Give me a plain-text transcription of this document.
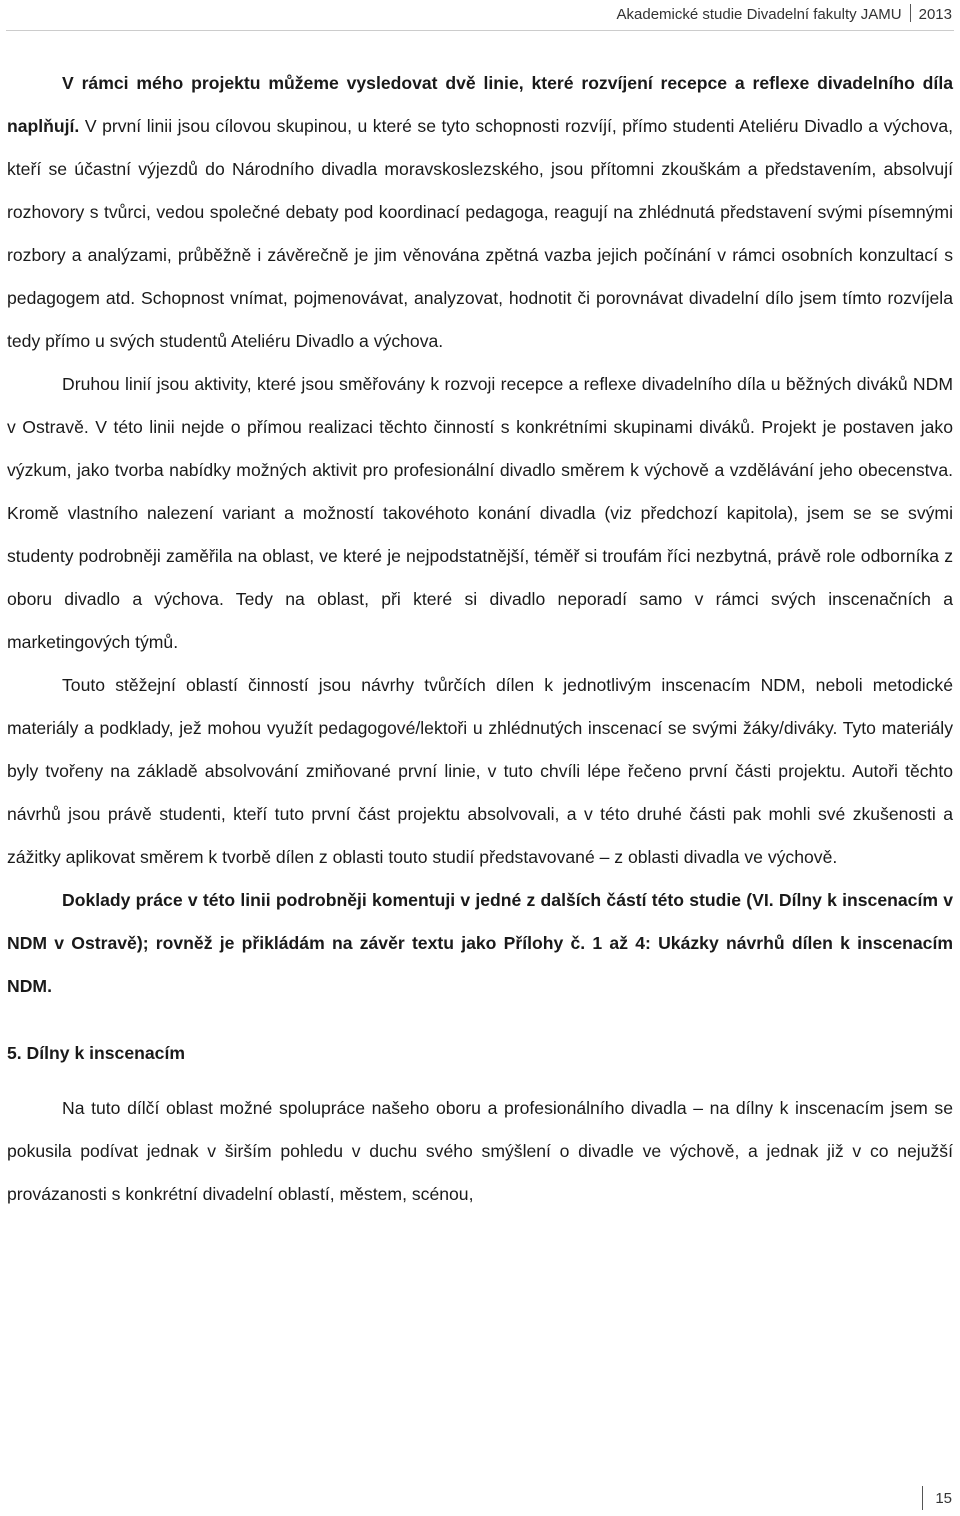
Akademické studie Divadelní fakulty JAMU 2013

V rámci mého projektu můžeme vysledovat dvě linie, které rozvíjení recepce a reflexe divadelního díla naplňují. V první linii jsou cílovou skupinou, u které se tyto schopnosti rozvíjí, přímo studenti Ateliéru Divadlo a výchova, kteří se účastní výjezdů do Národního divadla moravskoslezského, jsou přítomni zkouškám a představením, absolvují rozhovory s tvůrci, vedou společné debaty pod koordinací pedagoga, reagují na zhlédnutá představení svými písemnými rozbory a analýzami, průběžně i závěrečně je jim věnována zpětná vazba jejich počínání v rámci osobních konzultací s pedagogem atd. Schopnost vnímat, pojmenovávat, analyzovat, hodnotit či porovnávat divadelní dílo jsem tímto rozvíjela tedy přímo u svých studentů Ateliéru Divadlo a výchova.

Druhou linií jsou aktivity, které jsou směřovány k rozvoji recepce a reflexe divadelního díla u běžných diváků NDM v Ostravě. V této linii nejde o přímou realizaci těchto činností s konkrétními skupinami diváků. Projekt je postaven jako výzkum, jako tvorba nabídky možných aktivit pro profesionální divadlo směrem k výchově a vzdělávání jeho obecenstva. Kromě vlastního nalezení variant a možností takovéhoto konání divadla (viz předchozí kapitola), jsem se se svými studenty podrobněji zaměřila na oblast, ve které je nejpodstatnější, téměř si troufám říci nezbytná, právě role odborníka z oboru divadlo a výchova. Tedy na oblast, při které si divadlo neporadí samo v rámci svých inscenačních a marketingových týmů.

Touto stěžejní oblastí činností jsou návrhy tvůrčích dílen k jednotlivým inscenacím NDM, neboli metodické materiály a podklady, jež mohou využít pedagogové/lektoři u zhlédnutých inscenací se svými žáky/diváky. Tyto materiály byly tvořeny na základě absolvování zmiňované první linie, v tuto chvíli lépe řečeno první části projektu. Autoři těchto návrhů jsou právě studenti, kteří tuto první část projektu absolvovali, a v této druhé části pak mohli své zkušenosti a zážitky aplikovat směrem k tvorbě dílen z oblasti touto studií představované – z oblasti divadla ve výchově.

Doklady práce v této linii podrobněji komentuji v jedné z dalších částí této studie (VI. Dílny k inscenacím v NDM v Ostravě); rovněž je přikládám na závěr textu jako Přílohy č. 1 až 4: Ukázky návrhů dílen k inscenacím NDM.

5. Dílny k inscenacím

Na tuto dílčí oblast možné spolupráce našeho oboru a profesionálního divadla – na dílny k inscenacím jsem se pokusila podívat jednak v širším pohledu v duchu svého smýšlení o divadle ve výchově, a jednak již v co nejužší provázanosti s konkrétní divadelní oblastí, městem, scénou,

15
